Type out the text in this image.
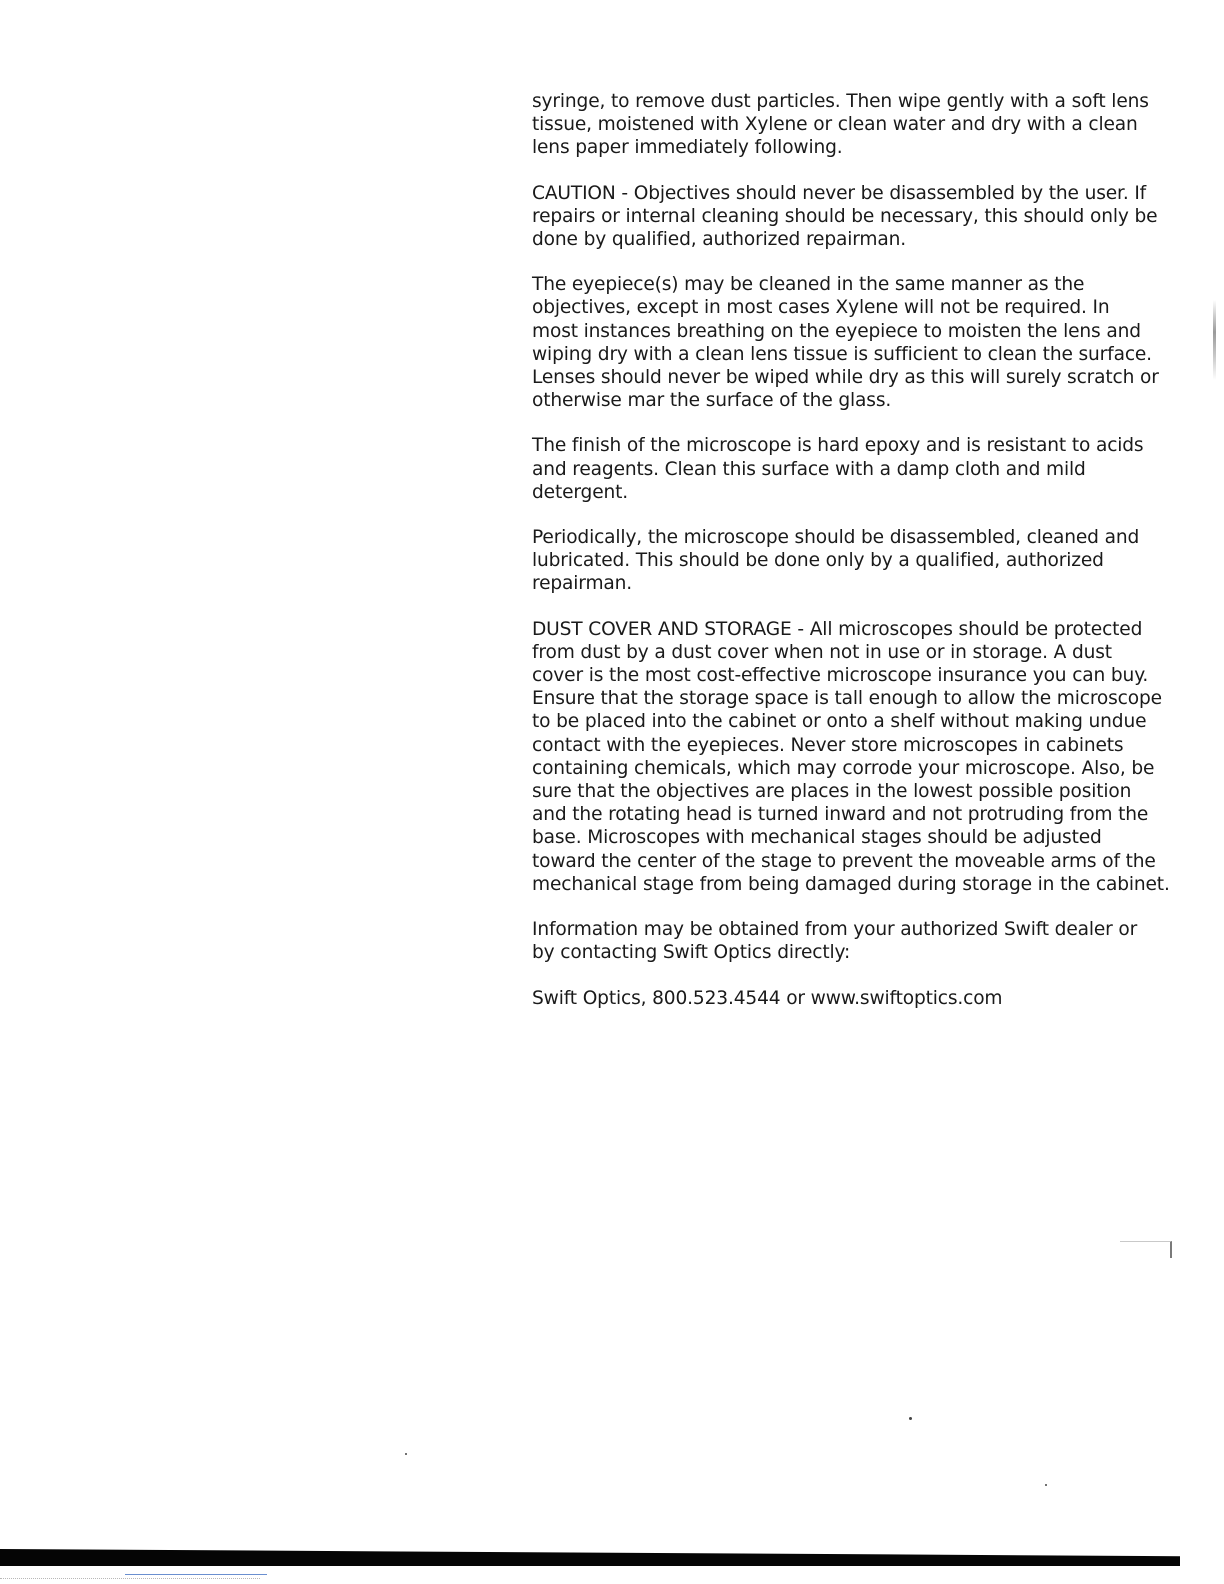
syringe, to remove dust particles. Then wipe gently with a soft lens
tissue, moistened with Xylene or clean water and dry with a clean
lens paper immediately following.

CAUTION - Objectives should never be disassembled by the user. If
repairs or internal cleaning should be necessary, this should only be
done by qualified, authorized repairman.

The eyepiece(s) may be cleaned in the same manner as the
objectives, except in most cases Xylene will not be required. In
most instances breathing on the eyepiece to moisten the lens and
wiping dry with a clean lens tissue is sufficient to clean the surface.
Lenses should never be wiped while dry as this will surely scratch or
otherwise mar the surface of the glass.

The finish of the microscope is hard epoxy and is resistant to acids
and reagents. Clean this surface with a damp cloth and mild
detergent.

Periodically, the microscope should be disassembled, cleaned and
lubricated. This should be done only by a qualified, authorized
repairman.

DUST COVER AND STORAGE - All microscopes should be protected
from dust by a dust cover when not in use or in storage. A dust
cover is the most cost-effective microscope insurance you can buy.
Ensure that the storage space is tall enough to allow the microscope
to be placed into the cabinet or onto a shelf without making undue
contact with the eyepieces. Never store microscopes in cabinets
containing chemicals, which may corrode your microscope. Also, be
sure that the objectives are places in the lowest possible position
and the rotating head is turned inward and not protruding from the
base. Microscopes with mechanical stages should be adjusted
toward the center of the stage to prevent the moveable arms of the
mechanical stage from being damaged during storage in the cabinet.

Information may be obtained from your authorized Swift dealer or
by contacting Swift Optics directly:

Swift Optics, 800.523.4544 or www.swiftoptics.com
